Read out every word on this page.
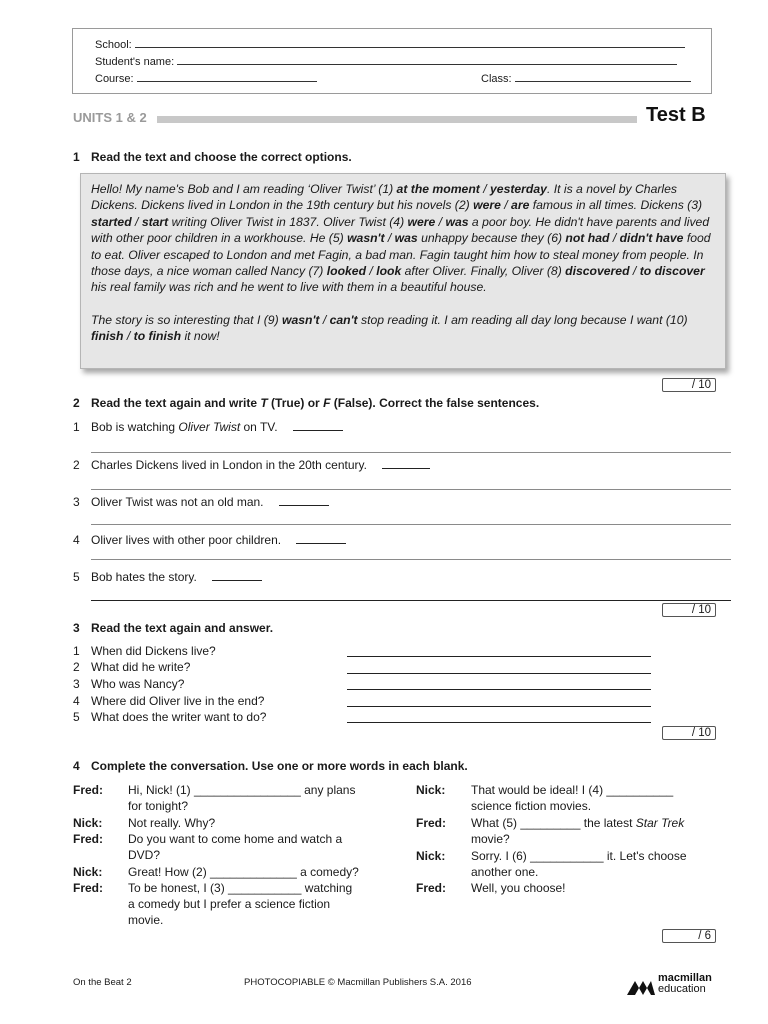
School:
Student's name:
Course:	Class:
UNITS 1 & 2	Test B
1 Read the text and choose the correct options.

Hello! My name's Bob and I am reading ‘Oliver Twist’ (1) at the moment / yesterday. It is a novel by Charles Dickens. Dickens lived in London in the 19th century but his novels (2) were / are famous in all times. Dickens (3) started / start writing Oliver Twist in 1837. Oliver Twist (4) were / was a poor boy. He didn't have parents and lived with other poor children in a workhouse. He (5) wasn't / was unhappy because they (6) not had / didn't have food to eat. Oliver escaped to London and met Fagin, a bad man. Fagin taught him how to steal money from people. In those days, a nice woman called Nancy (7) looked / look after Oliver. Finally, Oliver (8) discovered / to discover his real family was rich and he went to live with them in a beautiful house.

The story is so interesting that I (9) wasn't / can't stop reading it. I am reading all day long because I want (10) finish / to finish it now!

/ 10
2 Read the text again and write T (True) or F (False). Correct the false sentences.
1 Bob is watching Oliver Twist on TV.
2 Charles Dickens lived in London in the 20th century.
3 Oliver Twist was not an old man.
4 Oliver lives with other poor children.
5 Bob hates the story.
/ 10
3 Read the text again and answer.
1 When did Dickens live?
2 What did he write?
3 Who was Nancy?
4 Where did Oliver live in the end?
5 What does the writer want to do?
/ 10
4 Complete the conversation. Use one or more words in each blank.
Fred: Hi, Nick! (1) ________________ any plans
for tonight?
Nick: Not really. Why?
Fred: Do you want to come home and watch a
DVD?
Nick: Great! How (2) _____________ a comedy?
Fred: To be honest, I (3) ___________ watching
a comedy but I prefer a science fiction
movie.
Nick: That would be ideal! I (4) __________
science fiction movies.
Fred: What (5) _________ the latest Star Trek
movie?
Nick: Sorry. I (6) ___________ it. Let's choose
another one.
Fred: Well, you choose!
/ 6
On the Beat 2	PHOTOCOPIABLE © Macmillan Publishers S.A. 2016	macmillan
education
